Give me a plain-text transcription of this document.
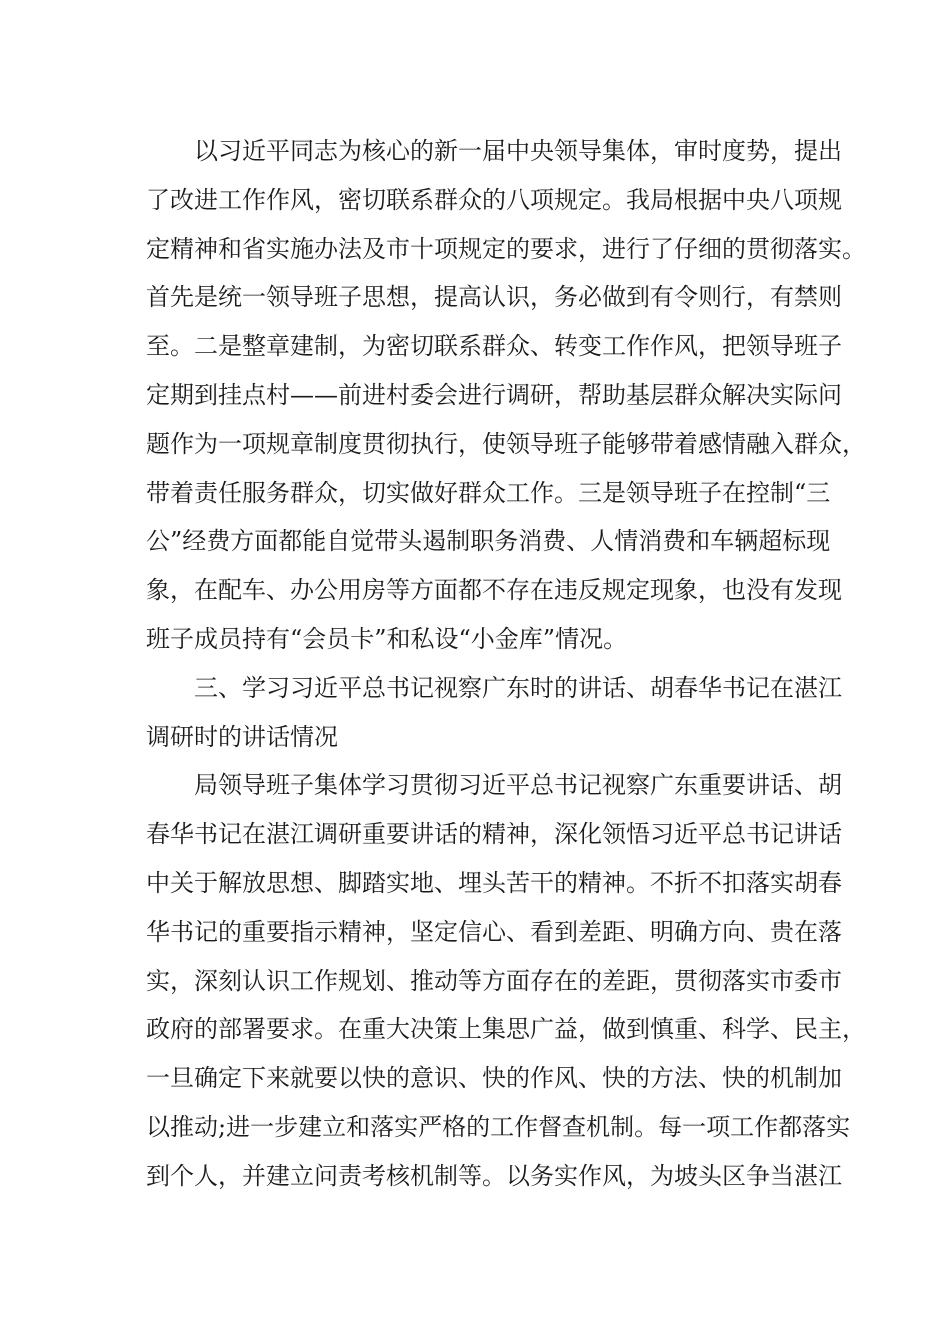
以习近平同志为核心的新一届中央领导集体，审时度势，提出
了改进工作作风，密切联系群众的八项规定。我局根据中央八项规
定精神和省实施办法及市十项规定的要求，进行了仔细的贯彻落实。
首先是统一领导班子思想，提高认识，务必做到有令则行，有禁则
至。二是整章建制，为密切联系群众、转变工作作风，把领导班子
定期到挂点村——前进村委会进行调研，帮助基层群众解决实际问
题作为一项规章制度贯彻执行，使领导班子能够带着感情融入群众，
带着责任服务群众，切实做好群众工作。三是领导班子在控制“三
公”经费方面都能自觉带头遏制职务消费、人情消费和车辆超标现
象，在配车、办公用房等方面都不存在违反规定现象，也没有发现
班子成员持有“会员卡”和私设“小金库”情况。
三、学习习近平总书记视察广东时的讲话、胡春华书记在湛江
调研时的讲话情况
局领导班子集体学习贯彻习近平总书记视察广东重要讲话、胡
春华书记在湛江调研重要讲话的精神，深化领悟习近平总书记讲话
中关于解放思想、脚踏实地、埋头苦干的精神。不折不扣落实胡春
华书记的重要指示精神，坚定信心、看到差距、明确方向、贵在落
实，深刻认识工作规划、推动等方面存在的差距，贯彻落实市委市
政府的部署要求。在重大决策上集思广益，做到慎重、科学、民主，
一旦确定下来就要以快的意识、快的作风、快的方法、快的机制加
以推动;进一步建立和落实严格的工作督查机制。每一项工作都落实
到个人，并建立问责考核机制等。以务实作风，为坡头区争当湛江
